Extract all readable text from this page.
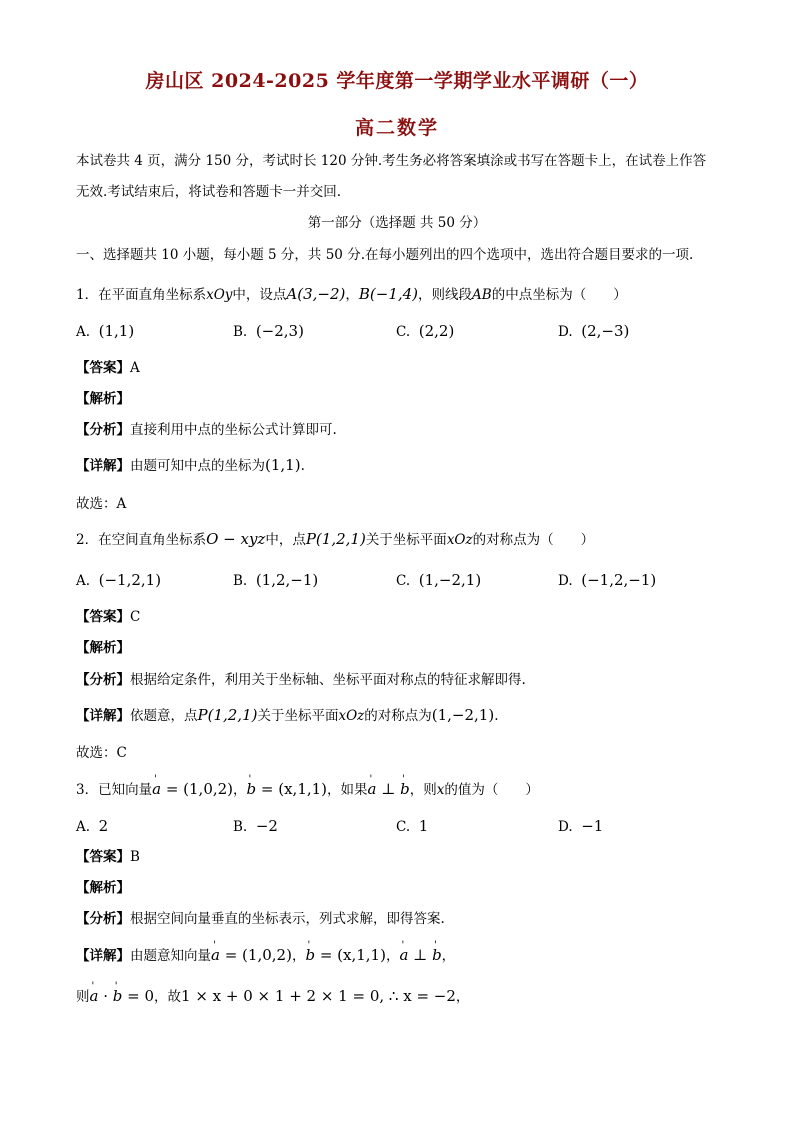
房山区 2024-2025 学年度第一学期学业水平调研（一）
高二数学
本试卷共 4 页，满分 150 分，考试时长 120 分钟.考生务必将答案填涂或书写在答题卡上，在试卷上作答
无效.考试结束后，将试卷和答题卡一并交回.
第一部分（选择题 共 50 分）
一、选择题共 10 小题，每小题 5 分，共 50 分.在每小题列出的四个选项中，选出符合题目要求的一项.
1．在平面直角坐标系xOy中，设点A(3,−2)，B(−1,4)，则线段AB的中点坐标为（　　）
A. (1,1)	B. (−2,3)	C. (2,2)	D. (2,−3)
【答案】A
【解析】
【分析】直接利用中点的坐标公式计算即可.
【详解】由题可知中点的坐标为(1,1).
故选：A
2．在空间直角坐标系O − xyz中，点P(1,2,1)关于坐标平面xOz的对称点为（　　）
A. (−1,2,1)	B. (1,2,−1)	C. (1,−2,1)	D. (−1,2,−1)
【答案】C
【解析】
【分析】根据给定条件，利用关于坐标轴、坐标平面对称点的特征求解即得.
【详解】依题意，点P(1,2,1)关于坐标平面xOz的对称点为(1,−2,1).
故选：C
3．已知向量' a = (1,0,2)，' b = (x,1,1)，如果' a ⊥ ' b，则x的值为（　　）
A. 2	B. −2	C. 1	D. −1
【答案】B
【解析】
【分析】根据空间向量垂直的坐标表示，列式求解，即得答案.
【详解】由题意知向量' a = (1,0,2)，' b = (x,1,1)，' a ⊥ ' b，
则' a · ' b = 0，故1 × x + 0 × 1 + 2 × 1 = 0, ∴ x = −2，
